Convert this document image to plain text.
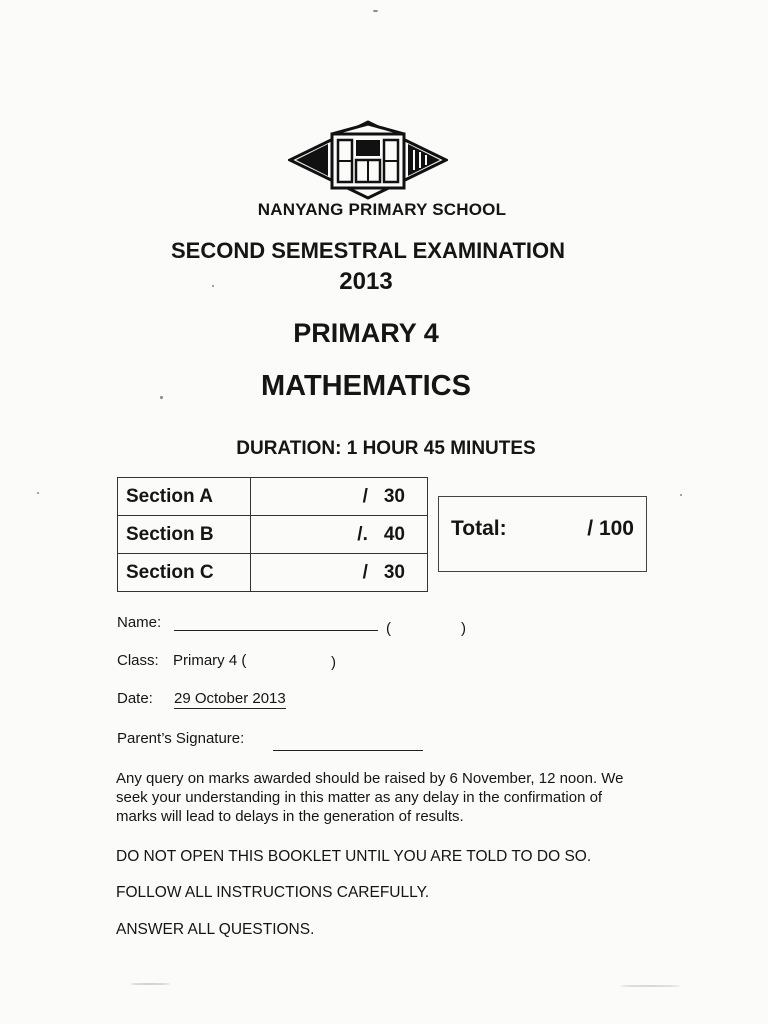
NANYANG PRIMARY SCHOOL
SECOND SEMESTRAL EXAMINATION
2013
PRIMARY 4
MATHEMATICS
DURATION: 1 HOUR 45 MINUTES
Section A	/ 30
Section B	/. 40
Section C	/ 30
Total:	/ 100
Name:	(	)
Class: Primary 4 (	)
Date: 29 October 2013
Parent’s Signature:
Any query on marks awarded should be raised by 6 November, 12 noon. We seek your understanding in this matter as any delay in the confirmation of marks will lead to delays in the generation of results.
DO NOT OPEN THIS BOOKLET UNTIL YOU ARE TOLD TO DO SO.
FOLLOW ALL INSTRUCTIONS CAREFULLY.
ANSWER ALL QUESTIONS.
